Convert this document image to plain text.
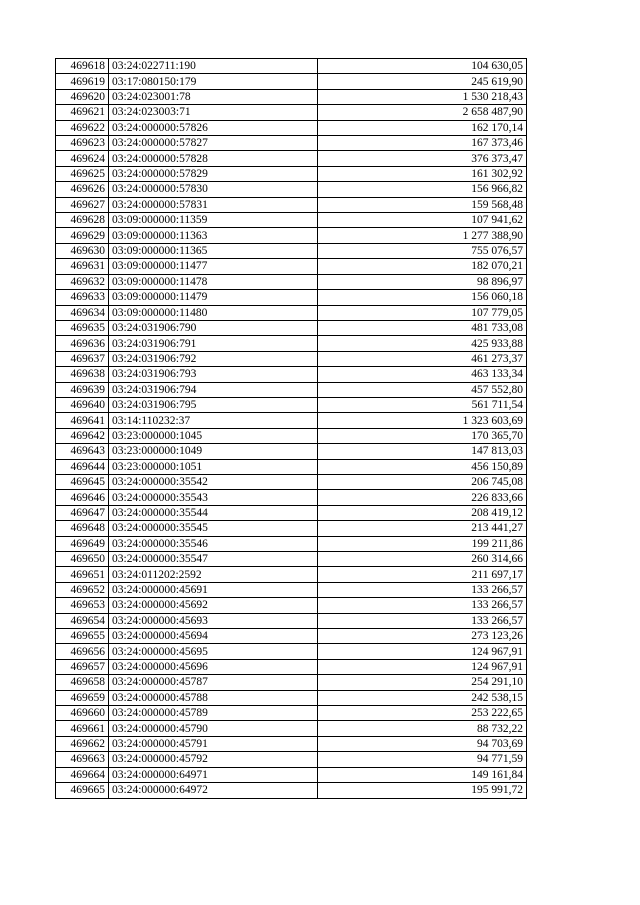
469618	03:24:022711:190	104 630,05
469619	03:17:080150:179	245 619,90
469620	03:24:023001:78	1 530 218,43
469621	03:24:023003:71	2 658 487,90
469622	03:24:000000:57826	162 170,14
469623	03:24:000000:57827	167 373,46
469624	03:24:000000:57828	376 373,47
469625	03:24:000000:57829	161 302,92
469626	03:24:000000:57830	156 966,82
469627	03:24:000000:57831	159 568,48
469628	03:09:000000:11359	107 941,62
469629	03:09:000000:11363	1 277 388,90
469630	03:09:000000:11365	755 076,57
469631	03:09:000000:11477	182 070,21
469632	03:09:000000:11478	98 896,97
469633	03:09:000000:11479	156 060,18
469634	03:09:000000:11480	107 779,05
469635	03:24:031906:790	481 733,08
469636	03:24:031906:791	425 933,88
469637	03:24:031906:792	461 273,37
469638	03:24:031906:793	463 133,34
469639	03:24:031906:794	457 552,80
469640	03:24:031906:795	561 711,54
469641	03:14:110232:37	1 323 603,69
469642	03:23:000000:1045	170 365,70
469643	03:23:000000:1049	147 813,03
469644	03:23:000000:1051	456 150,89
469645	03:24:000000:35542	206 745,08
469646	03:24:000000:35543	226 833,66
469647	03:24:000000:35544	208 419,12
469648	03:24:000000:35545	213 441,27
469649	03:24:000000:35546	199 211,86
469650	03:24:000000:35547	260 314,66
469651	03:24:011202:2592	211 697,17
469652	03:24:000000:45691	133 266,57
469653	03:24:000000:45692	133 266,57
469654	03:24:000000:45693	133 266,57
469655	03:24:000000:45694	273 123,26
469656	03:24:000000:45695	124 967,91
469657	03:24:000000:45696	124 967,91
469658	03:24:000000:45787	254 291,10
469659	03:24:000000:45788	242 538,15
469660	03:24:000000:45789	253 222,65
469661	03:24:000000:45790	88 732,22
469662	03:24:000000:45791	94 703,69
469663	03:24:000000:45792	94 771,59
469664	03:24:000000:64971	149 161,84
469665	03:24:000000:64972	195 991,72
